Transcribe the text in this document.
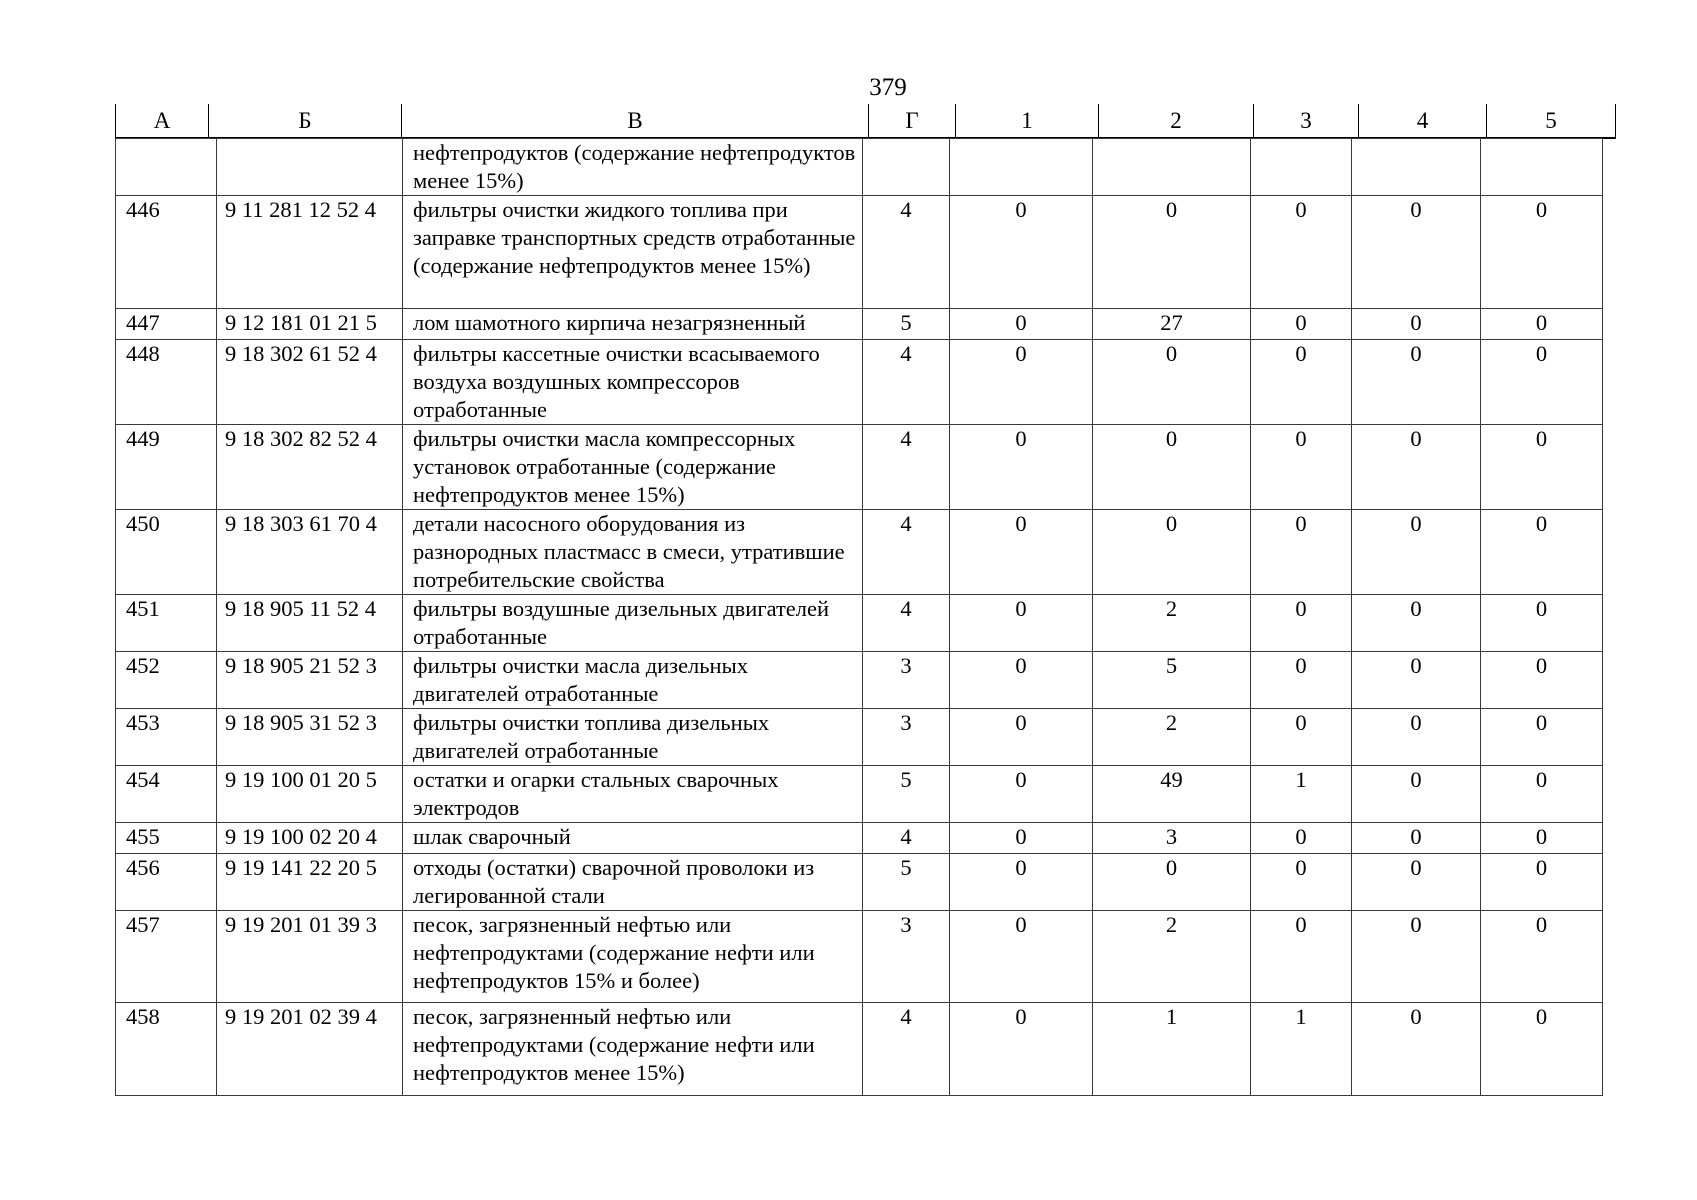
379
А	Б	В	Г	1	2	3	4	5
		нефтепродуктов (содержание нефтепродуктов менее 15%)						
446	9 11 281 12 52 4	фильтры очистки жидкого топлива при заправке транспортных средств отработанные (содержание нефтепродуктов менее 15%)	4	0	0	0	0	0
447	9 12 181 01 21 5	лом шамотного кирпича незагрязненный	5	0	27	0	0	0
448	9 18 302 61 52 4	фильтры кассетные очистки всасываемого воздуха воздушных компрессоров отработанные	4	0	0	0	0	0
449	9 18 302 82 52 4	фильтры очистки масла компрессорных установок отработанные (содержание нефтепродуктов менее 15%)	4	0	0	0	0	0
450	9 18 303 61 70 4	детали насосного оборудования из разнородных пластмасс в смеси, утратившие потребительские свойства	4	0	0	0	0	0
451	9 18 905 11 52 4	фильтры воздушные дизельных двигателей отработанные	4	0	2	0	0	0
452	9 18 905 21 52 3	фильтры очистки масла дизельных двигателей отработанные	3	0	5	0	0	0
453	9 18 905 31 52 3	фильтры очистки топлива дизельных двигателей отработанные	3	0	2	0	0	0
454	9 19 100 01 20 5	остатки и огарки стальных сварочных электродов	5	0	49	1	0	0
455	9 19 100 02 20 4	шлак сварочный	4	0	3	0	0	0
456	9 19 141 22 20 5	отходы (остатки) сварочной проволоки из легированной стали	5	0	0	0	0	0
457	9 19 201 01 39 3	песок, загрязненный нефтью или нефтепродуктами (содержание нефти или нефтепродуктов 15% и более)	3	0	2	0	0	0
458	9 19 201 02 39 4	песок, загрязненный нефтью или нефтепродуктами (содержание нефти или нефтепродуктов менее 15%)	4	0	1	1	0	0
